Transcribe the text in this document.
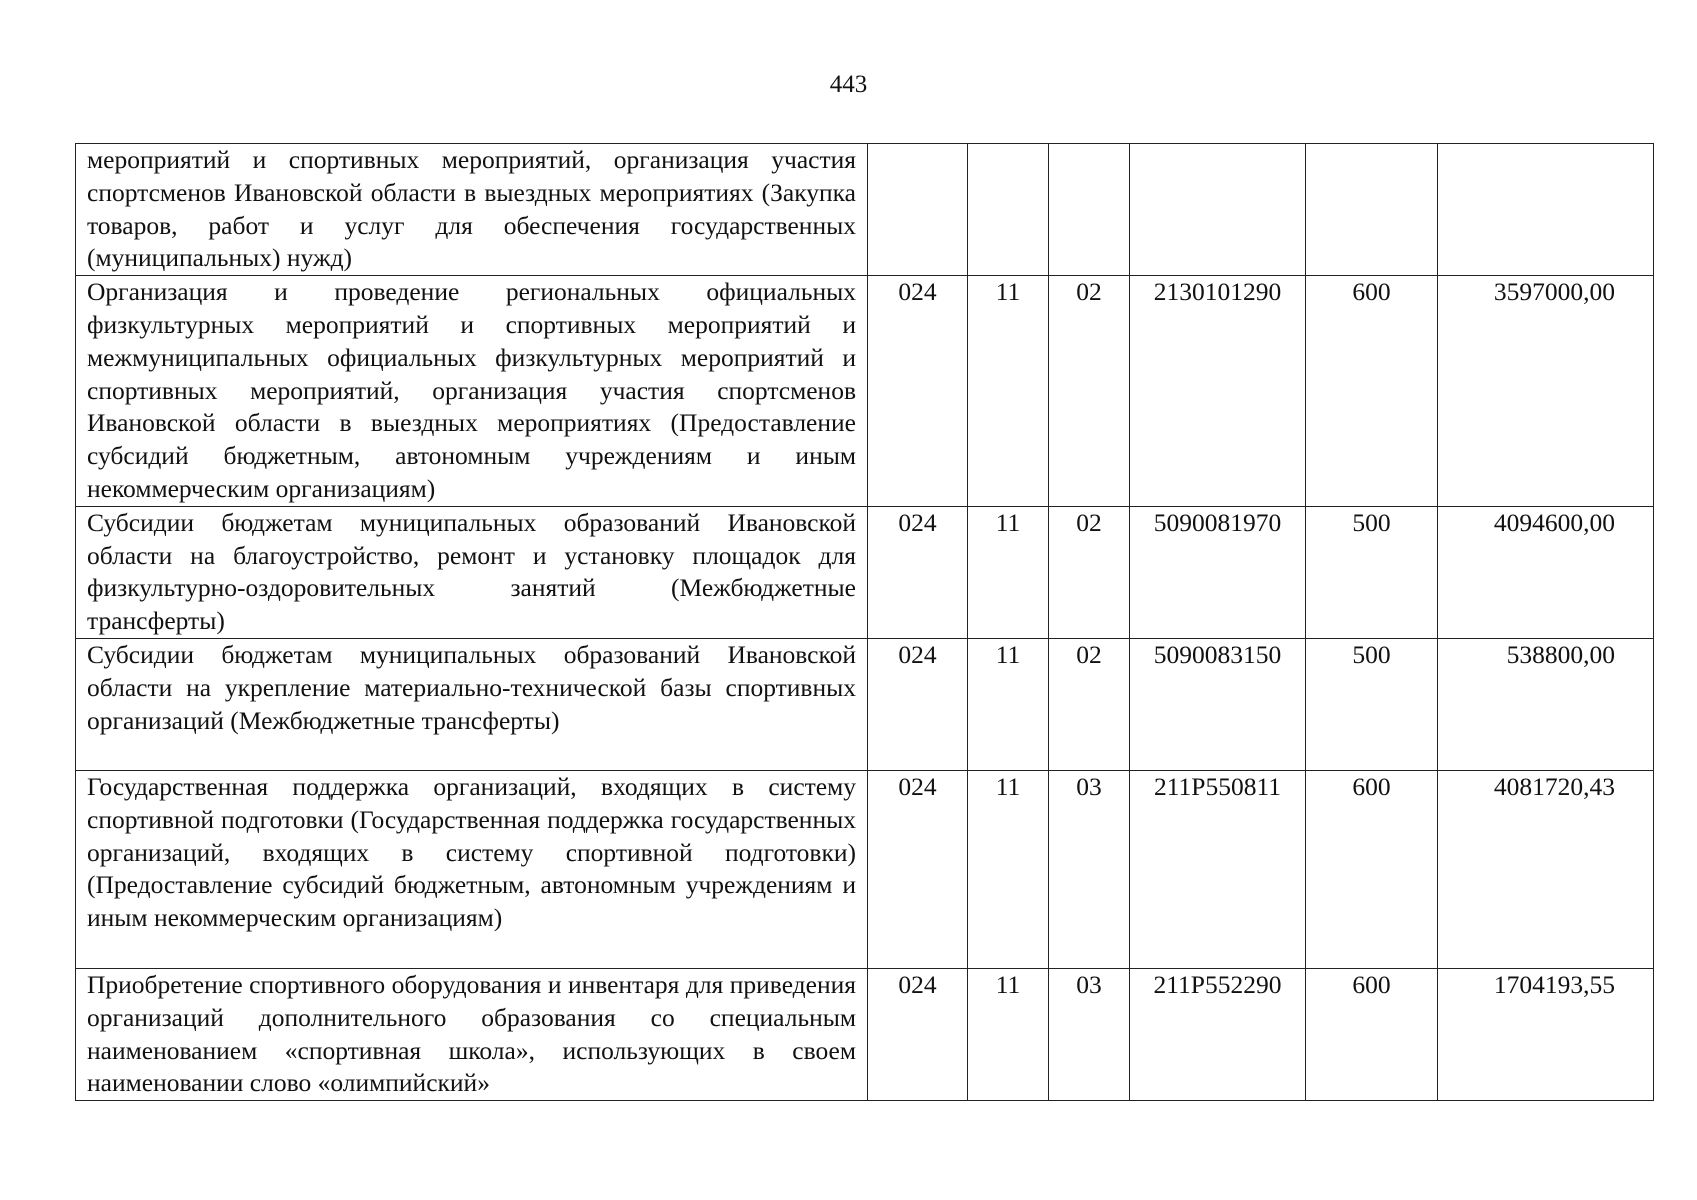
443
мероприятий и спортивных мероприятий, организация участия спортсменов Ивановской области в выездных мероприятиях (Закупка товаров, работ и услуг для обеспечения государственных (муниципальных) нужд)						
Организация и проведение региональных официальных физкультурных мероприятий и спортивных мероприятий и межмуниципальных официальных физкультурных мероприятий и спортивных мероприятий, организация участия спортсменов Ивановской области в выездных мероприятиях (Предоставление субсидий бюджетным, автономным учреждениям и иным некоммерческим организациям)	024	11	02	2130101290	600	3597000,00
Субсидии бюджетам муниципальных образований Ивановской области на благоустройство, ремонт и установку площадок для физкультурно-оздоровительных занятий (Межбюджетные трансферты)	024	11	02	5090081970	500	4094600,00
Субсидии бюджетам муниципальных образований Ивановской области на укрепление материально-технической базы спортивных организаций (Межбюджетные трансферты)	024	11	02	5090083150	500	538800,00
Государственная поддержка организаций, входящих в систему спортивной подготовки (Государственная поддержка государственных организаций, входящих в систему спортивной подготовки) (Предоставление субсидий бюджетным, автономным учреждениям и иным некоммерческим организациям)	024	11	03	211Р550811	600	4081720,43
Приобретение спортивного оборудования и инвентаря для приведения организаций дополнительного образования со специальным наименованием «спортивная школа», использующих в своем наименовании слово «олимпийский»	024	11	03	211Р552290	600	1704193,55
